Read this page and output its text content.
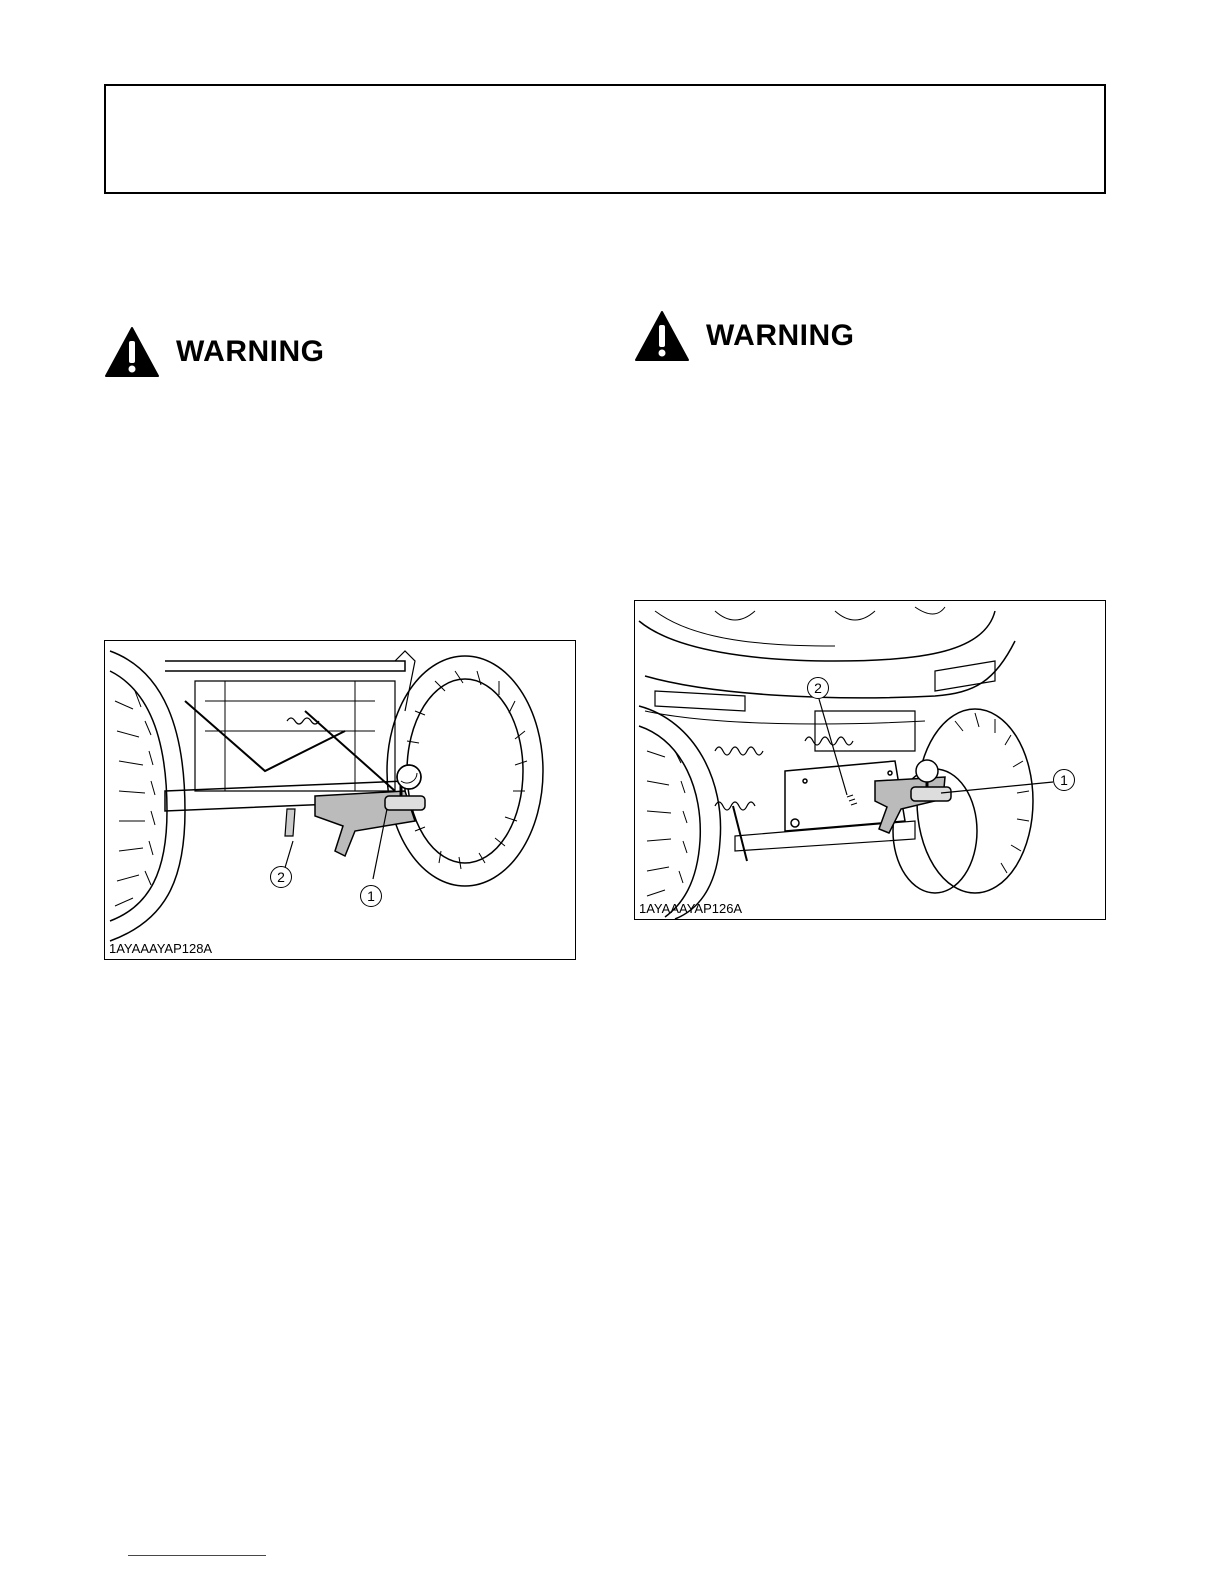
WARNING	WARNING
2
1
1AYAAAYAP128A
2
1
1AYAAAYAP126A
